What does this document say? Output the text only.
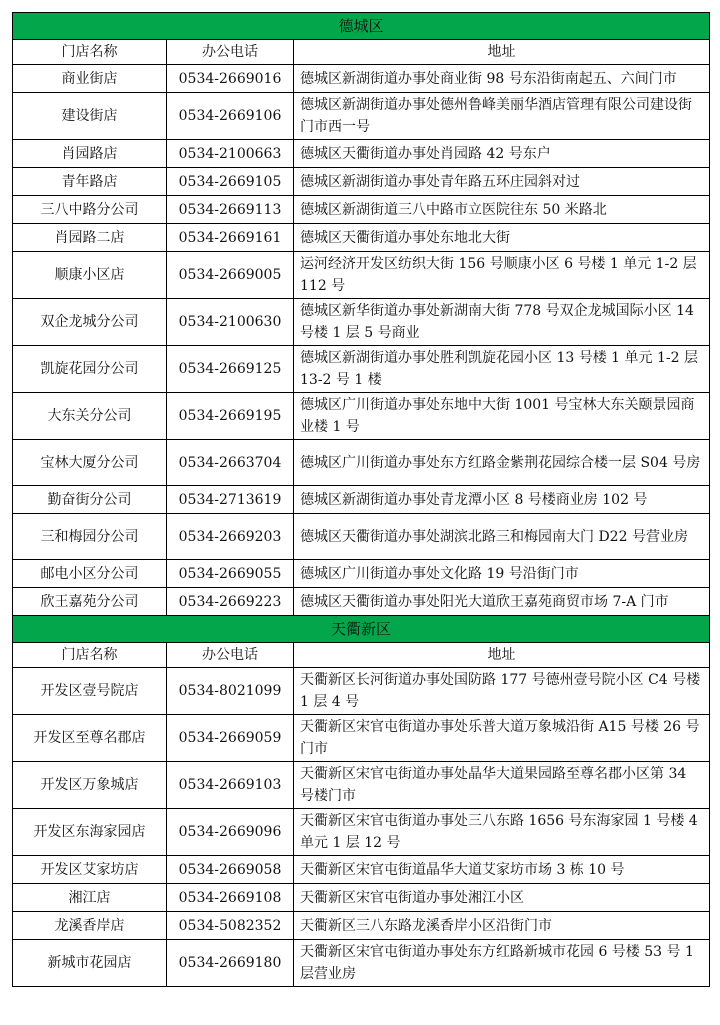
德城区		
门店名称	办公电话	地址
商业街店	0534-2669016	德城区新湖街道办事处商业街 98 号东沿街南起五、六间门市
建设街店	0534-2669106	德城区新湖街道办事处德州鲁峰美丽华酒店管理有限公司建设街门市西一号
肖园路店	0534-2100663	德城区天衢街道办事处肖园路 42 号东户
青年路店	0534-2669105	德城区新湖街道办事处青年路五环庄园斜对过
三八中路分公司	0534-2669113	德城区新湖街道三八中路市立医院往东 50 米路北
肖园路二店	0534-2669161	德城区天衢街道办事处东地北大街
顺康小区店	0534-2669005	运河经济开发区纺织大街 156 号顺康小区 6 号楼 1 单元 1-2 层 112 号
双企龙城分公司	0534-2100630	德城区新华街道办事处新湖南大街 778 号双企龙城国际小区 14 号楼 1 层 5 号商业
凯旋花园分公司	0534-2669125	德城区新湖街道办事处胜利凯旋花园小区 13 号楼 1 单元 1-2 层 13-2 号 1 楼
大东关分公司	0534-2669195	德城区广川街道办事处东地中大街 1001 号宝林大东关颐景园商业楼 1 号
宝林大厦分公司	0534-2663704	德城区广川街道办事处东方红路金紫荆花园综合楼一层 S04 号房
勤奋街分公司	0534-2713619	德城区新湖街道办事处青龙潭小区 8 号楼商业房 102 号
三和梅园分公司	0534-2669203	德城区天衢街道办事处湖滨北路三和梅园南大门 D22 号营业房
邮电小区分公司	0534-2669055	德城区广川街道办事处文化路 19 号沿街门市
欣王嘉苑分公司	0534-2669223	德城区天衢街道办事处阳光大道欣王嘉苑商贸市场 7-A 门市
天衢新区		
门店名称	办公电话	地址
开发区壹号院店	0534-8021099	天衢新区长河街道办事处国防路 177 号德州壹号院小区 C4 号楼 1 层 4 号
开发区至尊名郡店	0534-2669059	天衢新区宋官屯街道办事处乐普大道万象城沿街 A15 号楼 26 号门市
开发区万象城店	0534-2669103	天衢新区宋官屯街道办事处晶华大道果园路至尊名郡小区第 34 号楼门市
开发区东海家园店	0534-2669096	天衢新区宋官屯街道办事处三八东路 1656 号东海家园 1 号楼 4 单元 1 层 12 号
开发区艾家坊店	0534-2669058	天衢新区宋官屯街道晶华大道艾家坊市场 3 栋 10 号
湘江店	0534-2669108	天衢新区宋官屯街道办事处湘江小区
龙溪香岸店	0534-5082352	天衢新区三八东路龙溪香岸小区沿街门市
新城市花园店	0534-2669180	天衢新区宋官屯街道办事处东方红路新城市花园 6 号楼 53 号 1 层营业房
